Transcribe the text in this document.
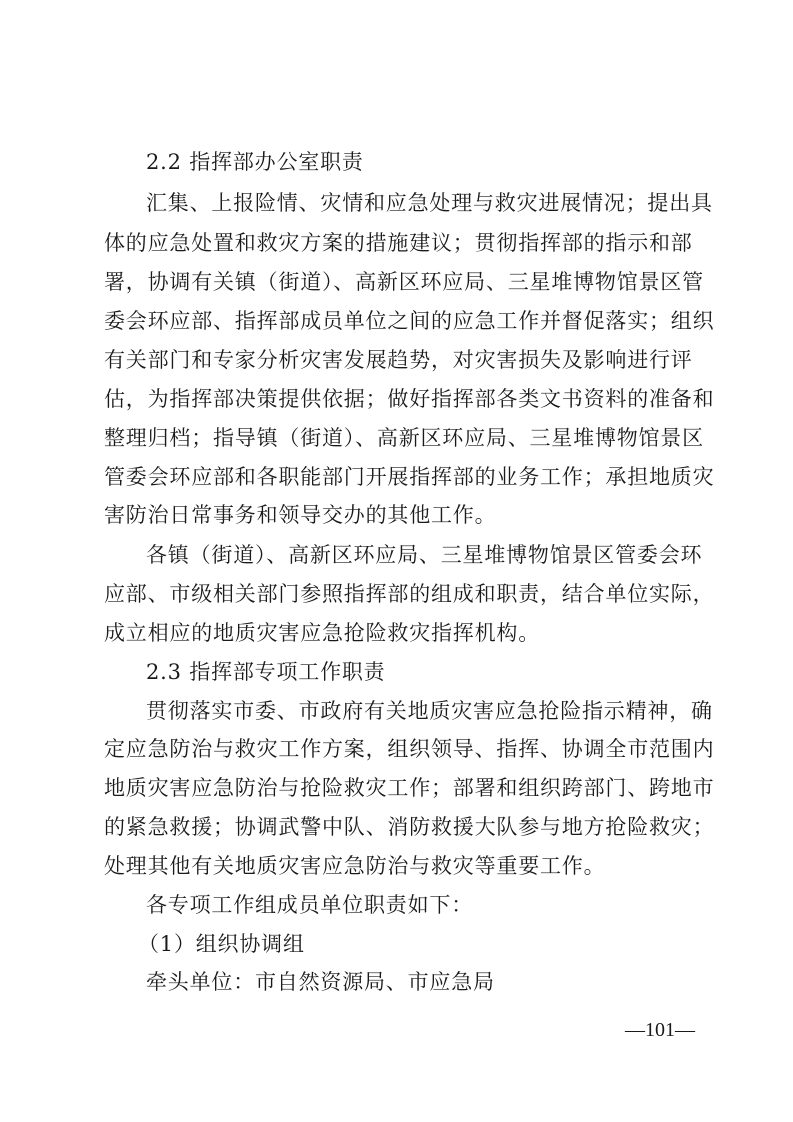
2.2 指挥部办公室职责
汇集、上报险情、灾情和应急处理与救灾进展情况；提出具
体的应急处置和救灾方案的措施建议；贯彻指挥部的指示和部
署，协调有关镇（街道）、高新区环应局、三星堆博物馆景区管
委会环应部、指挥部成员单位之间的应急工作并督促落实；组织
有关部门和专家分析灾害发展趋势，对灾害损失及影响进行评
估，为指挥部决策提供依据；做好指挥部各类文书资料的准备和
整理归档；指导镇（街道）、高新区环应局、三星堆博物馆景区
管委会环应部和各职能部门开展指挥部的业务工作；承担地质灾
害防治日常事务和领导交办的其他工作。
各镇（街道）、高新区环应局、三星堆博物馆景区管委会环
应部、市级相关部门参照指挥部的组成和职责，结合单位实际，
成立相应的地质灾害应急抢险救灾指挥机构。
2.3 指挥部专项工作职责
贯彻落实市委、市政府有关地质灾害应急抢险指示精神，确
定应急防治与救灾工作方案，组织领导、指挥、协调全市范围内
地质灾害应急防治与抢险救灾工作；部署和组织跨部门、跨地市
的紧急救援；协调武警中队、消防救援大队参与地方抢险救灾；
处理其他有关地质灾害应急防治与救灾等重要工作。
各专项工作组成员单位职责如下：
（1）组织协调组
牵头单位：市自然资源局、市应急局
—101—
